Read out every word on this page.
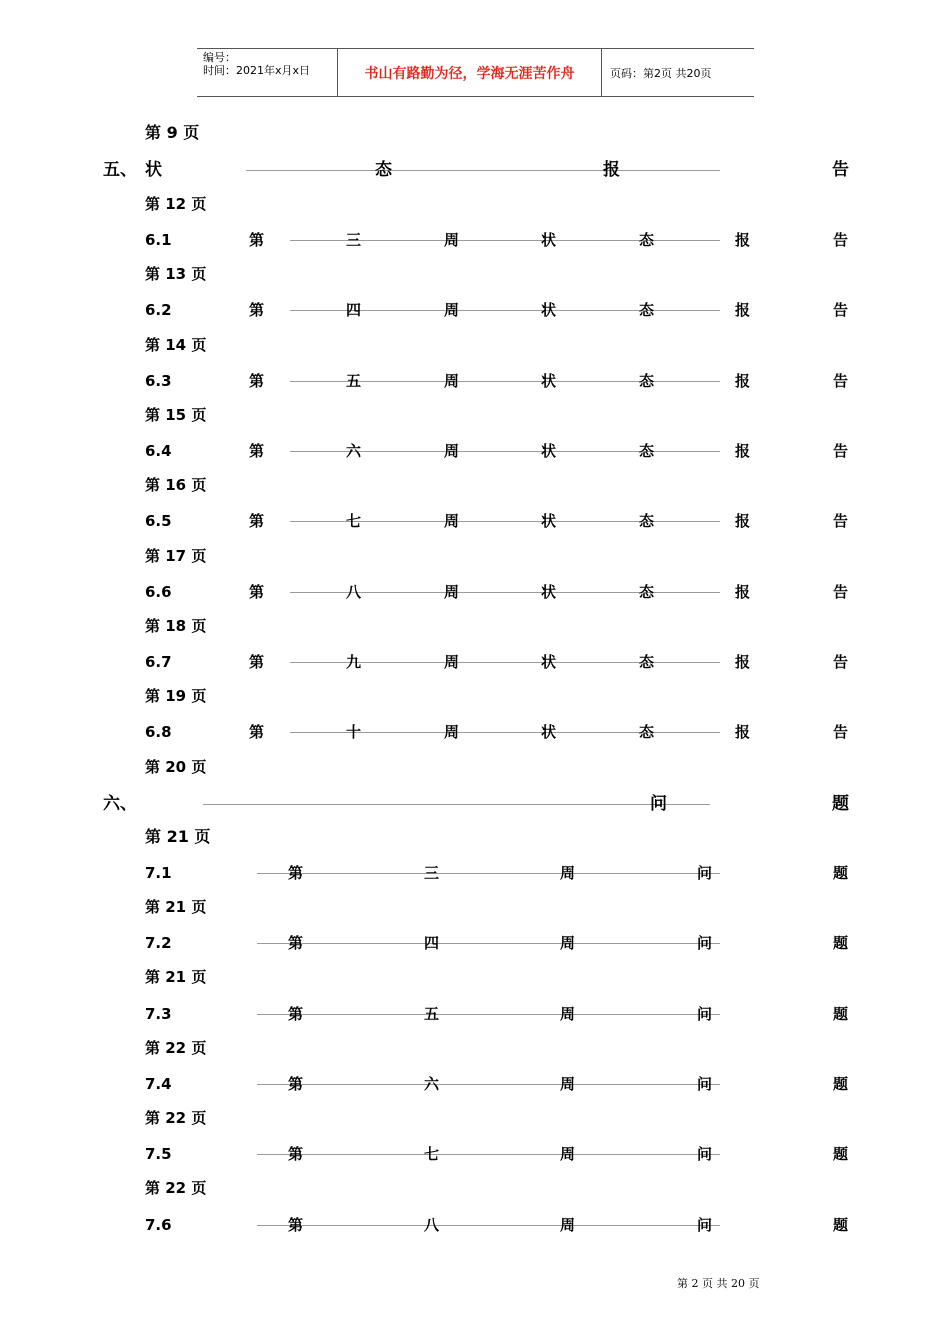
编号：
时间：2021年x月x日	书山有路勤为径，学海无涯苦作舟	页码：第2页 共20页
第 9 页
五、 状	态	报	告
第 12 页
6.1	第	三	周	状	态	报	告
第 13 页
6.2	第	四	周	状	态	报	告
第 14 页
6.3	第	五	周	状	态	报	告
第 15 页
6.4	第	六	周	状	态	报	告
第 16 页
6.5	第	七	周	状	态	报	告
第 17 页
6.6	第	八	周	状	态	报	告
第 18 页
6.7	第	九	周	状	态	报	告
第 19 页
6.8	第	十	周	状	态	报	告
第 20 页
六、	问	题
第 21 页
7.1	第	三	周	问	题
第 21 页
7.2	第	四	周	问	题
第 21 页
7.3	第	五	周	问	题
第 22 页
7.4	第	六	周	问	题
第 22 页
7.5	第	七	周	问	题
第 22 页
7.6	第	八	周	问	题
第 2 页 共 20 页
